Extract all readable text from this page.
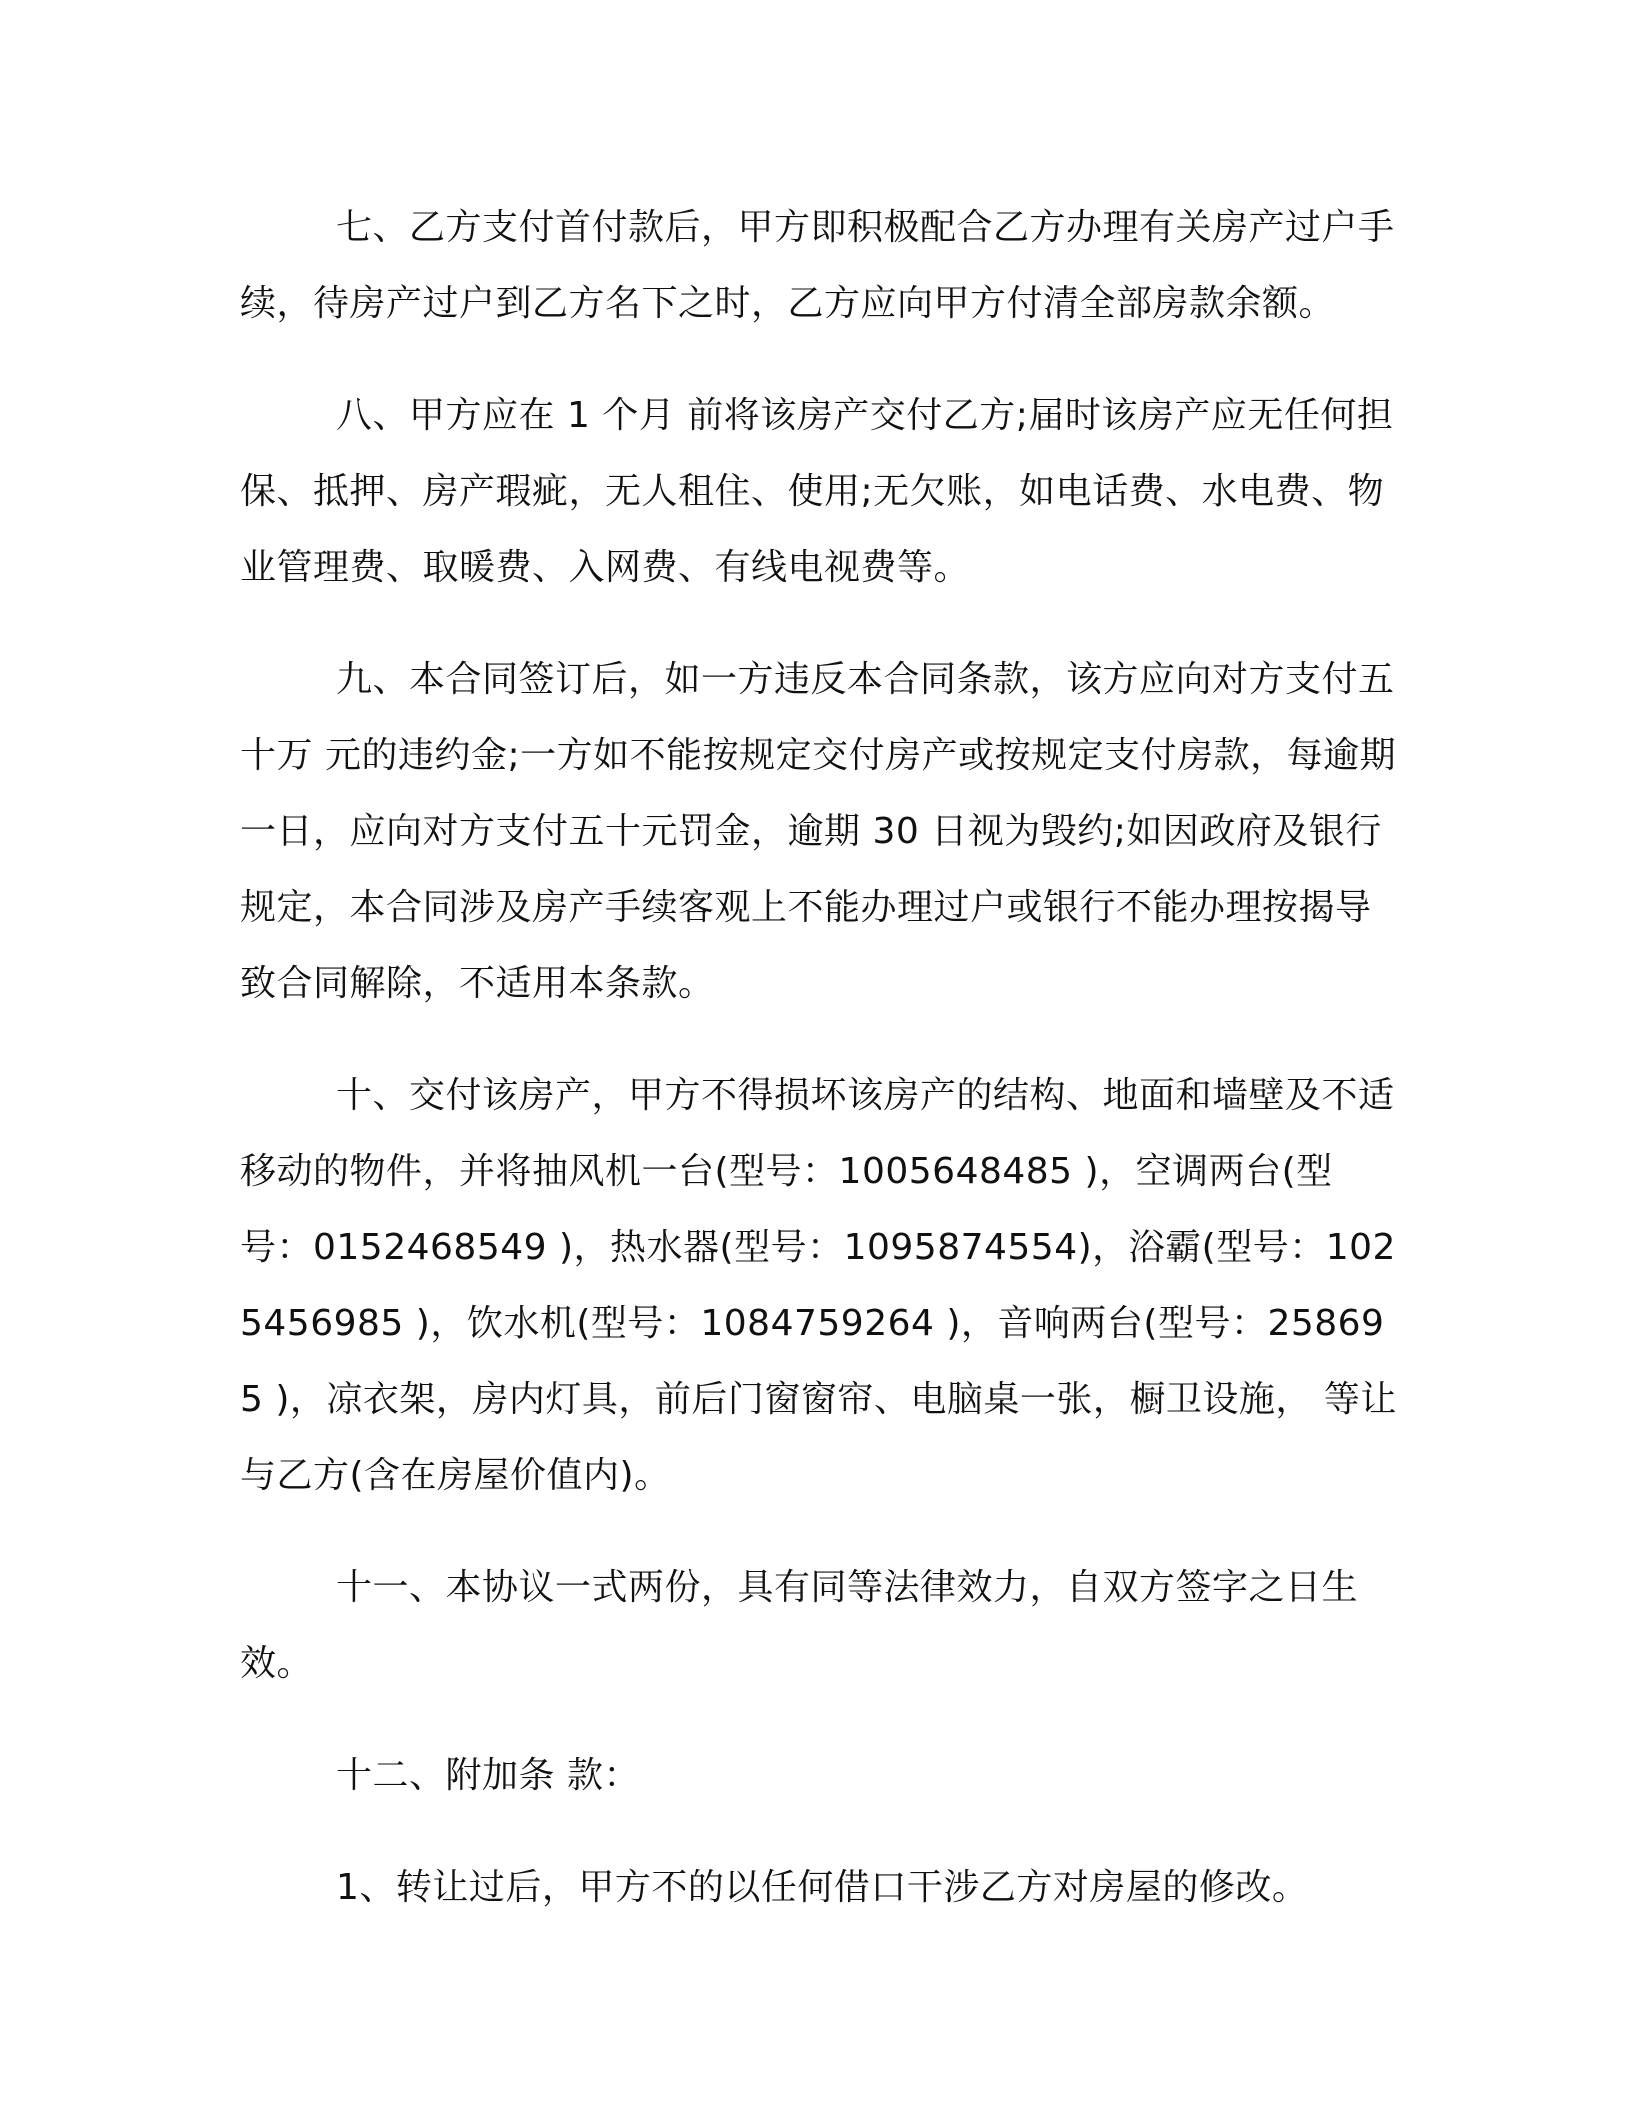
七、乙方支付首付款后，甲方即积极配合乙方办理有关房产过户手续，待房产过户到乙方名下之时，乙方应向甲方付清全部房款余额。

八、甲方应在 1 个月 前将该房产交付乙方;届时该房产应无任何担保、抵押、房产瑕疵，无人租住、使用;无欠账，如电话费、水电费、物业管理费、取暖费、入网费、有线电视费等。

九、本合同签订后，如一方违反本合同条款，该方应向对方支付五十万 元的违约金;一方如不能按规定交付房产或按规定支付房款，每逾期一日，应向对方支付五十元罚金，逾期 30 日视为毁约;如因政府及银行规定，本合同涉及房产手续客观上不能办理过户或银行不能办理按揭导致合同解除，不适用本条款。

十、交付该房产，甲方不得损坏该房产的结构、地面和墙壁及不适移动的物件，并将抽风机一台(型号：1005648485 )，空调两台(型号：0152468549 )，热水器(型号：1095874554)，浴霸(型号：1025456985 )，饮水机(型号：1084759264 )，音响两台(型号：258695 )，凉衣架，房内灯具，前后门窗窗帘、电脑桌一张，橱卫设施， 等让与乙方(含在房屋价值内)。

十一、本协议一式两份，具有同等法律效力，自双方签字之日生效。

十二、附加条 款：

1、转让过后，甲方不的以任何借口干涉乙方对房屋的修改。
